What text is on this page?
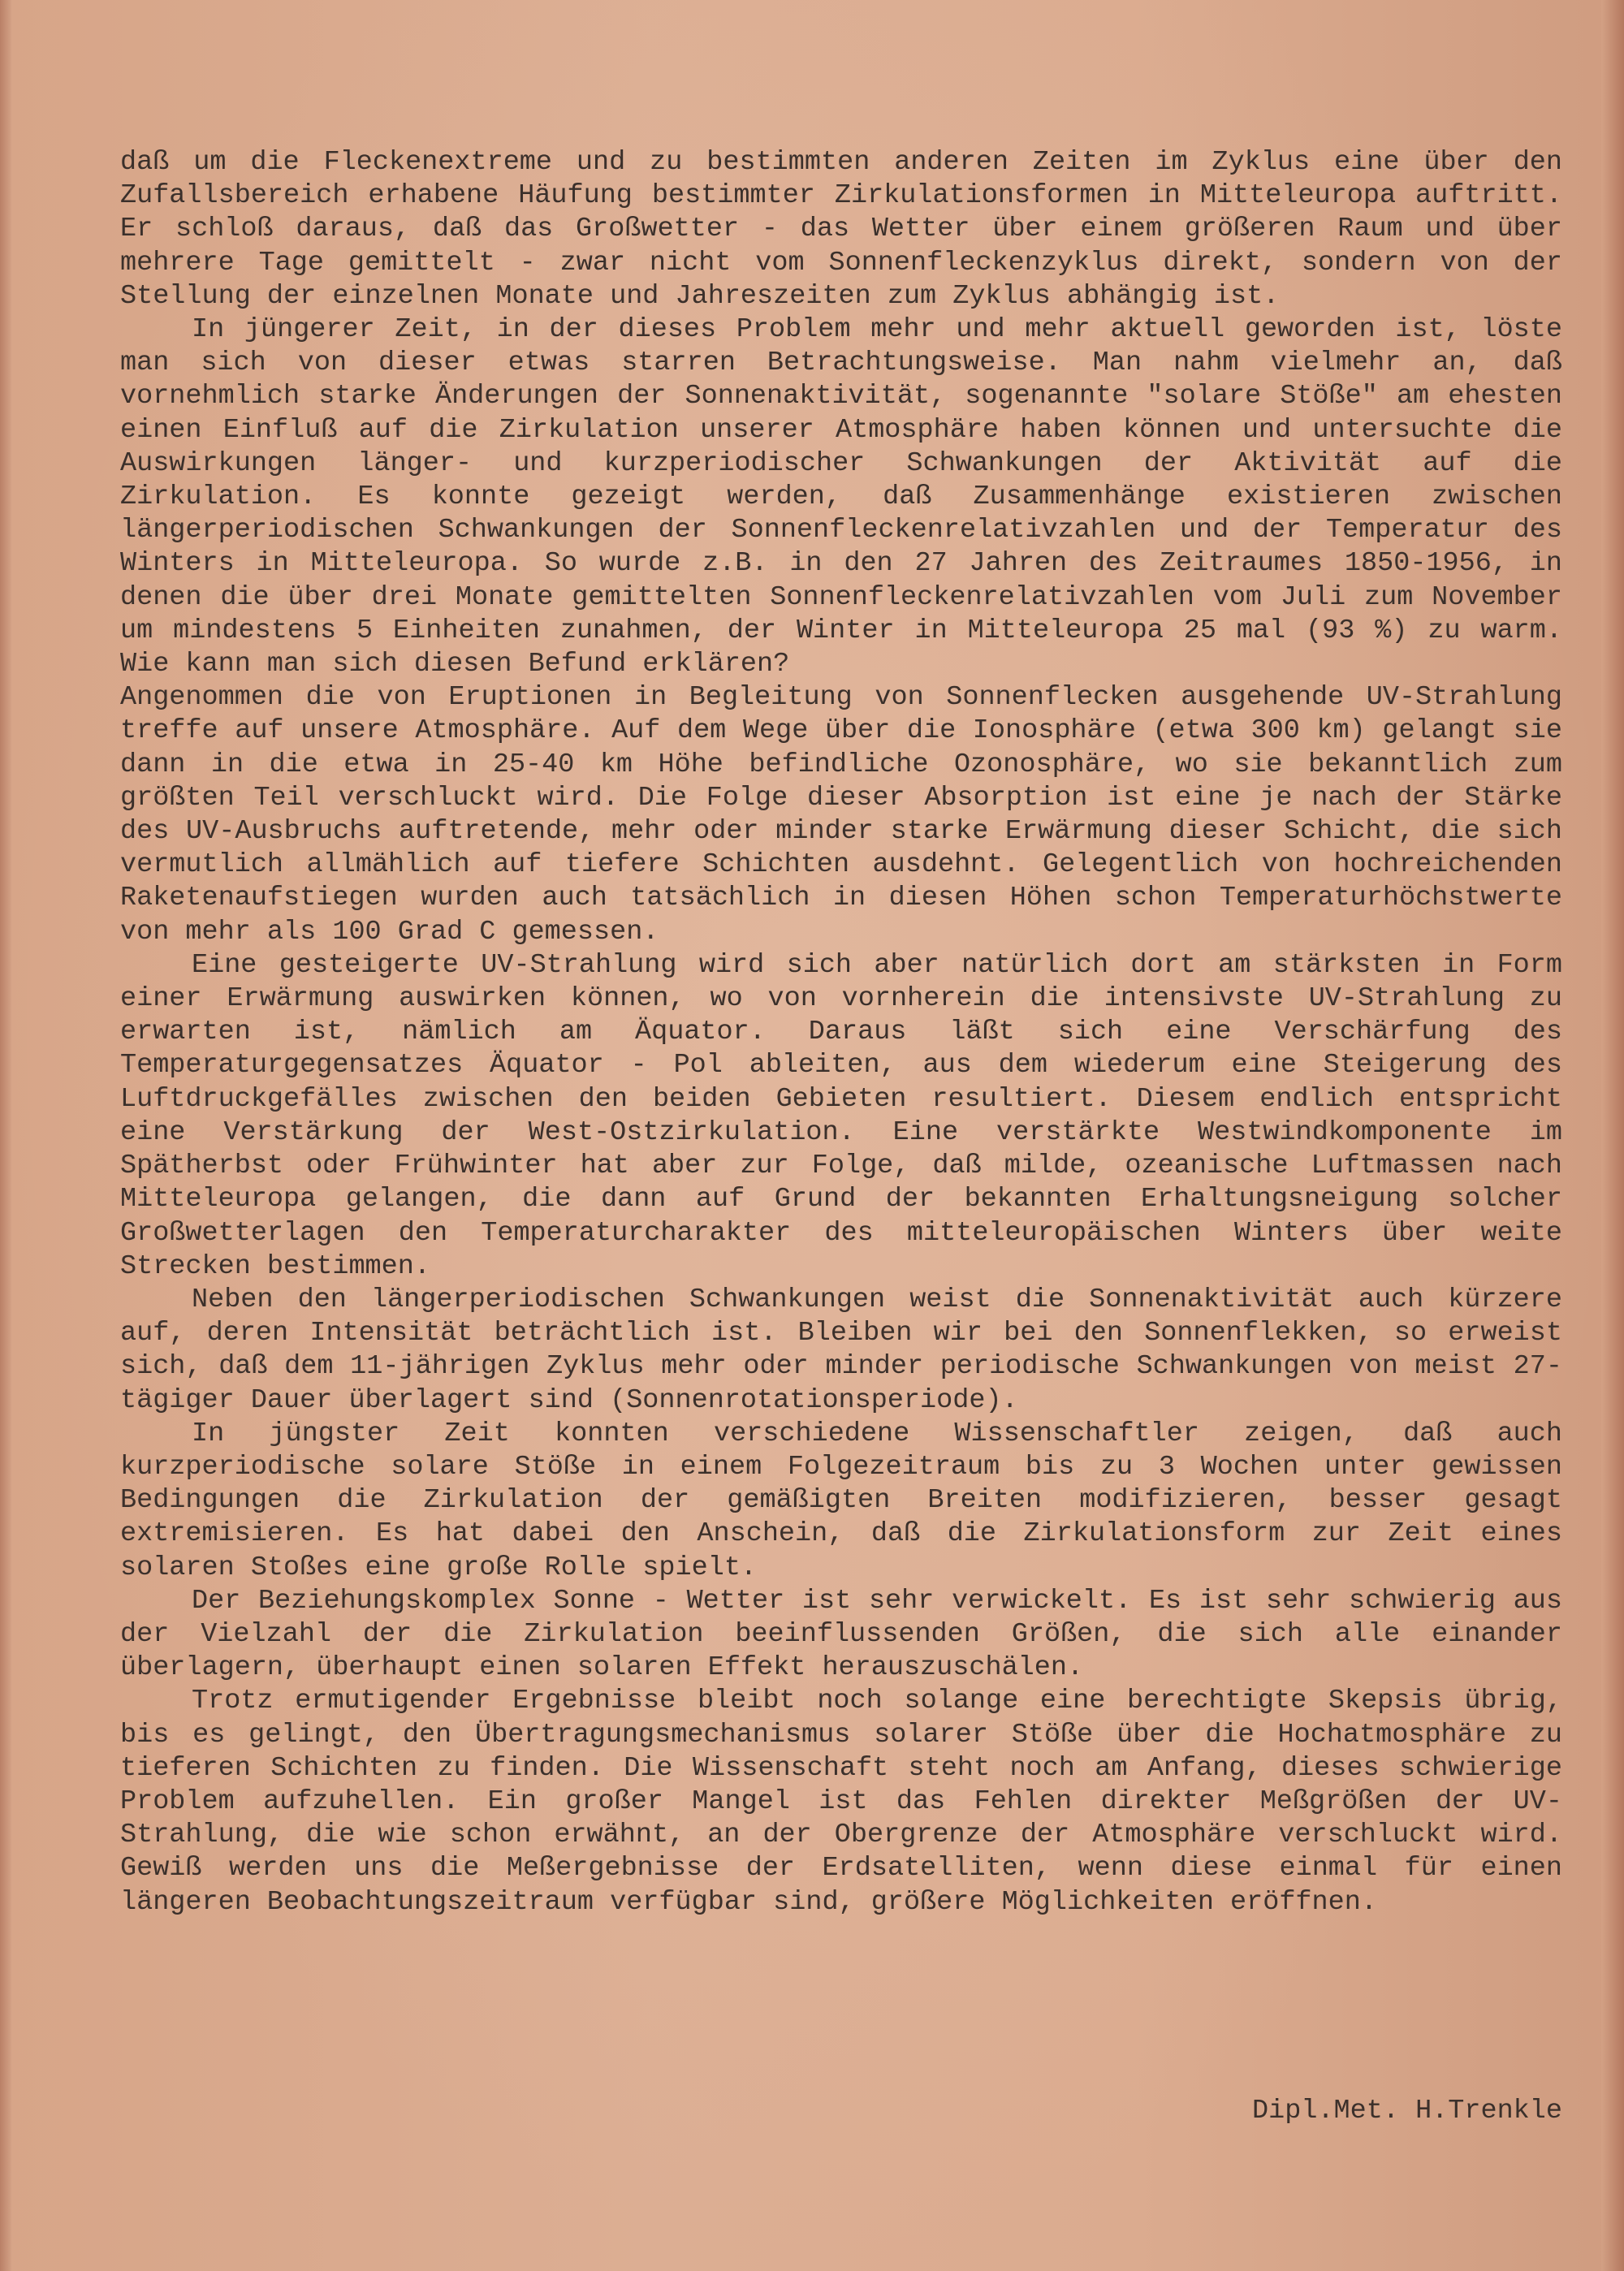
daß um die Fleckenextreme und zu bestimmten anderen Zeiten im Zyklus eine über den Zufallsbereich erhabene Häufung bestimmter Zirkulationsformen in Mitteleuropa auftritt. Er schloß daraus, daß das Großwetter - das Wetter über einem größeren Raum und über mehrere Tage gemittelt - zwar nicht vom Sonnenfleckenzyklus direkt, sondern von der Stellung der einzelnen Monate und Jahreszeiten zum Zyklus abhängig ist.

In jüngerer Zeit, in der dieses Problem mehr und mehr aktuell geworden ist, löste man sich von dieser etwas starren Betrachtungsweise. Man nahm vielmehr an, daß vornehmlich starke Änderungen der Sonnenaktivität, sogenannte "solare Stöße" am ehesten einen Einfluß auf die Zirkulation unserer Atmosphäre haben können und untersuchte die Auswirkungen länger- und kurzperiodischer Schwankungen der Aktivität auf die Zirkulation. Es konnte gezeigt werden, daß Zusammenhänge existieren zwischen längerperiodischen Schwankungen der Sonnenfleckenrelativzahlen und der Temperatur des Winters in Mitteleuropa. So wurde z.B. in den 27 Jahren des Zeitraumes 1850-1956, in denen die über drei Monate gemittelten Sonnenfleckenrelativzahlen vom Juli zum November um mindestens 5 Einheiten zunahmen, der Winter in Mitteleuropa 25 mal (93 %) zu warm. Wie kann man sich diesen Befund erklären?

Angenommen die von Eruptionen in Begleitung von Sonnenflecken ausgehende UV-Strahlung treffe auf unsere Atmosphäre. Auf dem Wege über die Ionosphäre (etwa 300 km) gelangt sie dann in die etwa in 25-40 km Höhe befindliche Ozonosphäre, wo sie bekanntlich zum größten Teil verschluckt wird. Die Folge dieser Absorption ist eine je nach der Stärke des UV-Ausbruchs auftretende, mehr oder minder starke Erwärmung dieser Schicht, die sich vermutlich allmählich auf tiefere Schichten ausdehnt. Gelegentlich von hochreichenden Raketenaufstiegen wurden auch tatsächlich in diesen Höhen schon Temperaturhöchstwerte von mehr als 100 Grad C gemessen.

Eine gesteigerte UV-Strahlung wird sich aber natürlich dort am stärksten in Form einer Erwärmung auswirken können, wo von vornherein die intensivste UV-Strahlung zu erwarten ist, nämlich am Äquator. Daraus läßt sich eine Verschärfung des Temperaturgegensatzes Äquator - Pol ableiten, aus dem wiederum eine Steigerung des Luftdruckgefälles zwischen den beiden Gebieten resultiert. Diesem endlich entspricht eine Verstärkung der West-Ostzirkulation. Eine verstärkte Westwindkomponente im Spätherbst oder Frühwinter hat aber zur Folge, daß milde, ozeanische Luftmassen nach Mitteleuropa gelangen, die dann auf Grund der bekannten Erhaltungsneigung solcher Großwetterlagen den Temperaturcharakter des mitteleuropäischen Winters über weite Strecken bestimmen.

Neben den längerperiodischen Schwankungen weist die Sonnenaktivität auch kürzere auf, deren Intensität beträchtlich ist. Bleiben wir bei den Sonnenflekken, so erweist sich, daß dem 11-jährigen Zyklus mehr oder minder periodische Schwankungen von meist 27-tägiger Dauer überlagert sind (Sonnenrotationsperiode).

In jüngster Zeit konnten verschiedene Wissenschaftler zeigen, daß auch kurzperiodische solare Stöße in einem Folgezeitraum bis zu 3 Wochen unter gewissen Bedingungen die Zirkulation der gemäßigten Breiten modifizieren, besser gesagt extremisieren. Es hat dabei den Anschein, daß die Zirkulationsform zur Zeit eines solaren Stoßes eine große Rolle spielt.

Der Beziehungskomplex Sonne - Wetter ist sehr verwickelt. Es ist sehr schwierig aus der Vielzahl der die Zirkulation beeinflussenden Größen, die sich alle einander überlagern, überhaupt einen solaren Effekt herauszuschälen.

Trotz ermutigender Ergebnisse bleibt noch solange eine berechtigte Skepsis übrig, bis es gelingt, den Übertragungsmechanismus solarer Stöße über die Hochatmosphäre zu tieferen Schichten zu finden. Die Wissenschaft steht noch am Anfang, dieses schwierige Problem aufzuhellen. Ein großer Mangel ist das Fehlen direkter Meßgrößen der UV-Strahlung, die wie schon erwähnt, an der Obergrenze der Atmosphäre verschluckt wird. Gewiß werden uns die Meßergebnisse der Erdsatelliten, wenn diese einmal für einen längeren Beobachtungszeitraum verfügbar sind, größere Möglichkeiten eröffnen.

Dipl.Met. H.Trenkle
